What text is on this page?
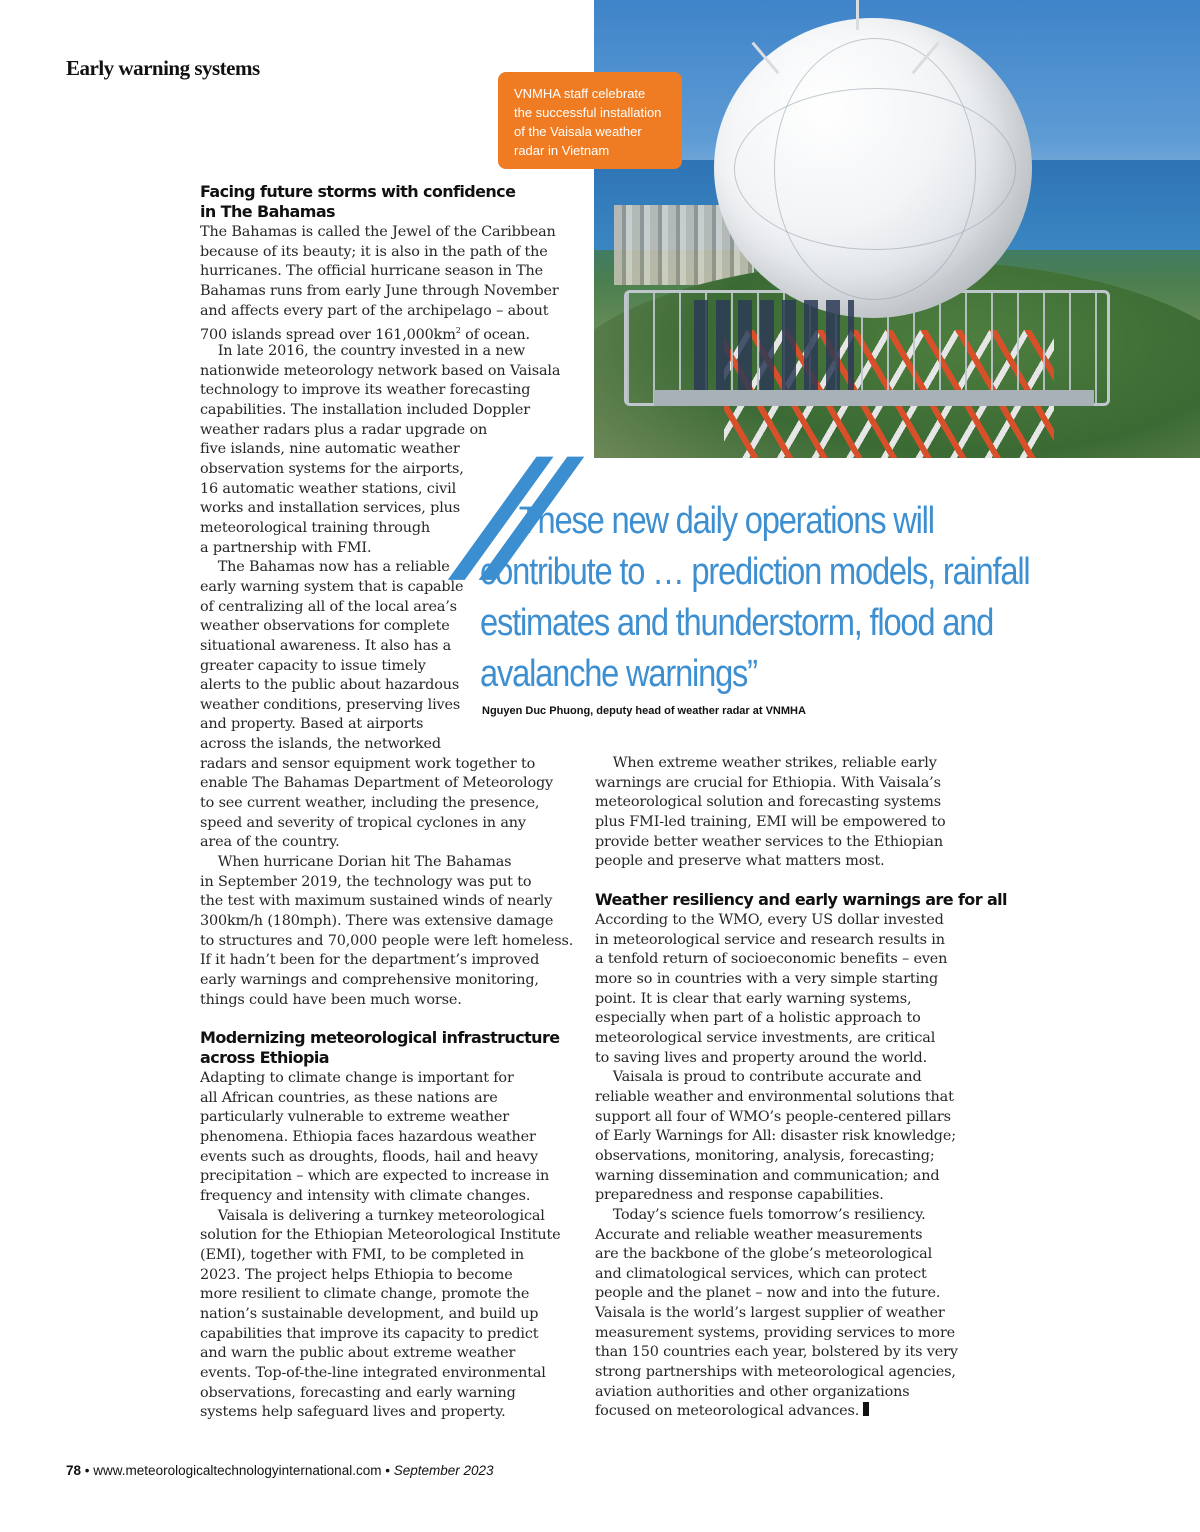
Early warning systems
VNMHA staff celebrate
the successful installation
of the Vaisala weather
radar in Vietnam
Facing future storms with confidence
in The Bahamas
The Bahamas is called the Jewel of the Caribbean
because of its beauty; it is also in the path of the
hurricanes. The official hurricane season in The
Bahamas runs from early June through November
and affects every part of the archipelago – about
700 islands spread over $161,000km^2$ of ocean.
In late 2016, the country invested in a new
nationwide meteorology network based on Vaisala
technology to improve its weather forecasting
capabilities. The installation included Doppler
weather radars plus a radar upgrade on
five islands, nine automatic weather
observation systems for the airports,
16 automatic weather stations, civil
works and installation services, plus
meteorological training through
a partnership with FMI.
The Bahamas now has a reliable
early warning system that is capable
of centralizing all of the local area’s
weather observations for complete
situational awareness. It also has a
greater capacity to issue timely
alerts to the public about hazardous
weather conditions, preserving lives
and property. Based at airports
across the islands, the networked
radars and sensor equipment work together to
enable The Bahamas Department of Meteorology
to see current weather, including the presence,
speed and severity of tropical cyclones in any
area of the country.
When hurricane Dorian hit The Bahamas
in September 2019, the technology was put to
the test with maximum sustained winds of nearly
300km/h (180mph). There was extensive damage
to structures and 70,000 people were left homeless.
If it hadn’t been for the department’s improved
early warnings and comprehensive monitoring,
things could have been much worse.
Modernizing meteorological infrastructure
across Ethiopia
Adapting to climate change is important for
all African countries, as these nations are
particularly vulnerable to extreme weather
phenomena. Ethiopia faces hazardous weather
events such as droughts, floods, hail and heavy
precipitation – which are expected to increase in
frequency and intensity with climate changes.
Vaisala is delivering a turnkey meteorological
solution for the Ethiopian Meteorological Institute
(EMI), together with FMI, to be completed in
2023. The project helps Ethiopia to become
more resilient to climate change, promote the
nation’s sustainable development, and build up
capabilities that improve its capacity to predict
and warn the public about extreme weather
events. Top-of-the-line integrated environmental
observations, forecasting and early warning
systems help safeguard lives and property.
When extreme weather strikes, reliable early
warnings are crucial for Ethiopia. With Vaisala’s
meteorological solution and forecasting systems
plus FMI-led training, EMI will be empowered to
provide better weather services to the Ethiopian
people and preserve what matters most.
Weather resiliency and early warnings are for all
According to the WMO, every US dollar invested
in meteorological service and research results in
a tenfold return of socioeconomic benefits – even
more so in countries with a very simple starting
point. It is clear that early warning systems,
especially when part of a holistic approach to
meteorological service investments, are critical
to saving lives and property around the world.
Vaisala is proud to contribute accurate and
reliable weather and environmental solutions that
support all four of WMO’s people-centered pillars
of Early Warnings for All: disaster risk knowledge;
observations, monitoring, analysis, forecasting;
warning dissemination and communication; and
preparedness and response capabilities.
Today’s science fuels tomorrow’s resiliency.
Accurate and reliable weather measurements
are the backbone of the globe’s meteorological
and climatological services, which can protect
people and the planet – now and into the future.
Vaisala is the world’s largest supplier of weather
measurement systems, providing services to more
than 150 countries each year, bolstered by its very
strong partnerships with meteorological agencies,
aviation authorities and other organizations
focused on meteorological advances.
//
These new daily operations will
contribute to … prediction models, rainfall
estimates and thunderstorm, flood and
avalanche warnings”
Nguyen Duc Phuong, deputy head of weather radar at VNMHA
78 • www.meteorologicaltechnologyinternational.com • September 2023
